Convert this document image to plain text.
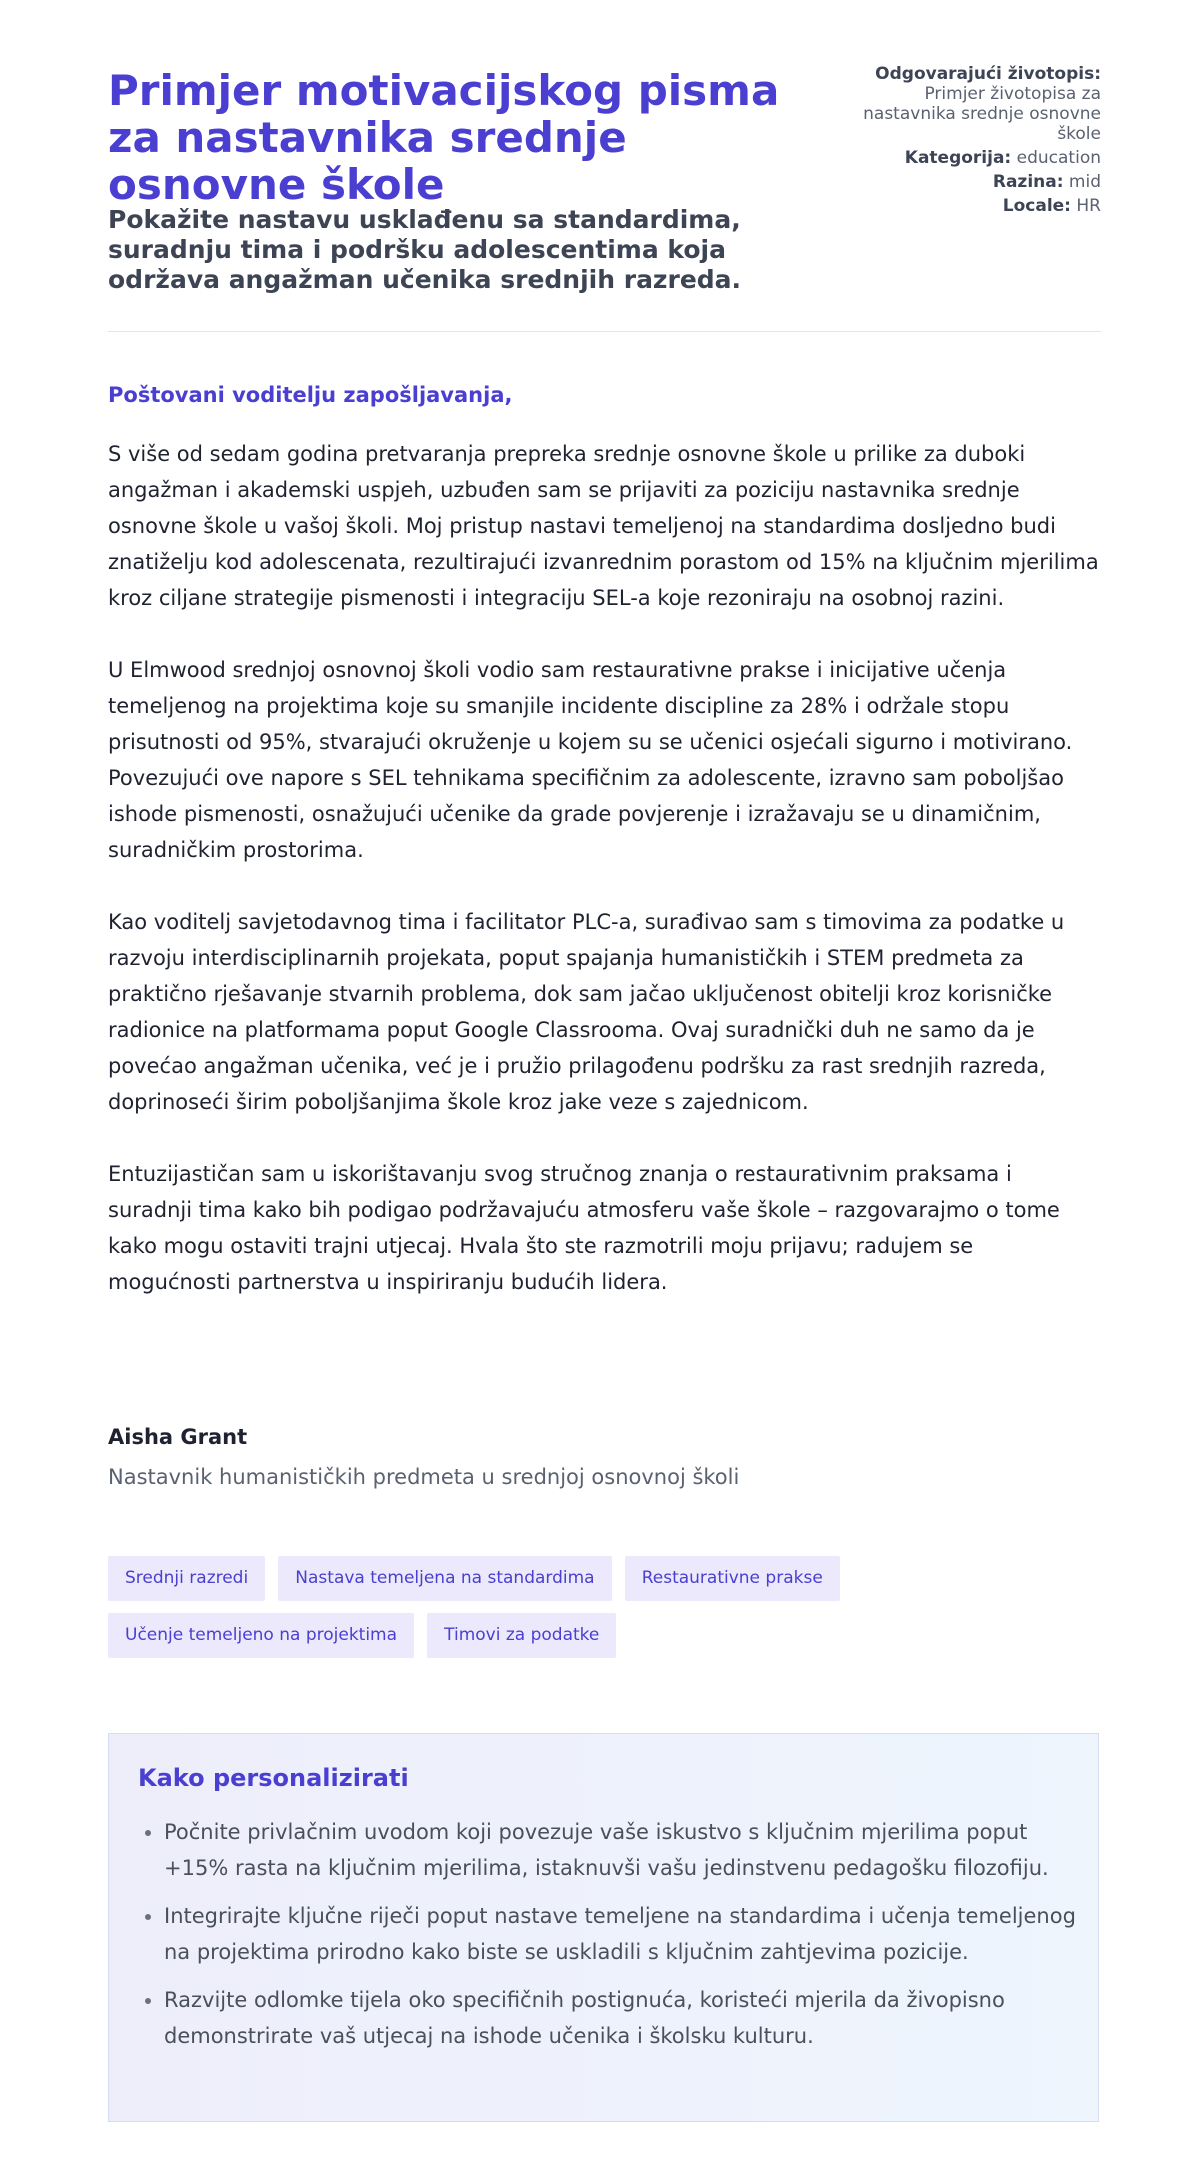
Primjer motivacijskog pisma za nastavnika srednje osnovne škole
Pokažite nastavu usklađenu sa standardima, suradnju tima i podršku adolescentima koja održava angažman učenika srednjih razreda.
Odgovarajući životopis:
Primjer životopisa za nastavnika srednje osnovne škole
Kategorija: education
Razina: mid
Locale: HR

Poštovani voditelju zapošljavanja,

S više od sedam godina pretvaranja prepreka srednje osnovne škole u prilike za duboki angažman i akademski uspjeh, uzbuđen sam se prijaviti za poziciju nastavnika srednje osnovne škole u vašoj školi. Moj pristup nastavi temeljenoj na standardima dosljedno budi znatiželju kod adolescenata, rezultirajući izvanrednim porastom od 15% na ključnim mjerilima kroz ciljane strategije pismenosti i integraciju SEL-a koje rezoniraju na osobnoj razini.

U Elmwood srednjoj osnovnoj školi vodio sam restaurativne prakse i inicijative učenja temeljenog na projektima koje su smanjile incidente discipline za 28% i održale stopu prisutnosti od 95%, stvarajući okruženje u kojem su se učenici osjećali sigurno i motivirano. Povezujući ove napore s SEL tehnikama specifičnim za adolescente, izravno sam poboljšao ishode pismenosti, osnažujući učenike da grade povjerenje i izražavaju se u dinamičnim, suradničkim prostorima.

Kao voditelj savjetodavnog tima i facilitator PLC-a, surađivao sam s timovima za podatke u razvoju interdisciplinarnih projekata, poput spajanja humanističkih i STEM predmeta za praktično rješavanje stvarnih problema, dok sam jačao uključenost obitelji kroz korisničke radionice na platformama poput Google Classrooma. Ovaj suradnički duh ne samo da je povećao angažman učenika, već je i pružio prilagođenu podršku za rast srednjih razreda, doprinoseći širim poboljšanjima škole kroz jake veze s zajednicom.

Entuzijastičan sam u iskorištavanju svog stručnog znanja o restaurativnim praksama i suradnji tima kako bih podigao podržavajuću atmosferu vaše škole – razgovarajmo o tome kako mogu ostaviti trajni utjecaj. Hvala što ste razmotrili moju prijavu; radujem se mogućnosti partnerstva u inspiriranju budućih lidera.

Aisha Grant

Nastavnik humanističkih predmeta u srednjoj osnovnoj školi

Srednji razredi	Nastava temeljena na standardima	Restaurativne prakse Učenje temeljeno na projektima	Timovi za podatke
Kako personalizirati
• Počnite privlačnim uvodom koji povezuje vaše iskustvo s ključnim mjerilima poput +15% rasta na ključnim mjerilima, istaknuvši vašu jedinstvenu pedagošku filozofiju.
• Integrirajte ključne riječi poput nastave temeljene na standardima i učenja temeljenog na projektima prirodno kako biste se uskladili s ključnim zahtjevima pozicije.
• Razvijte odlomke tijela oko specifičnih postignuća, koristeći mjerila da živopisno demonstrirate vaš utjecaj na ishode učenika i školsku kulturu.
